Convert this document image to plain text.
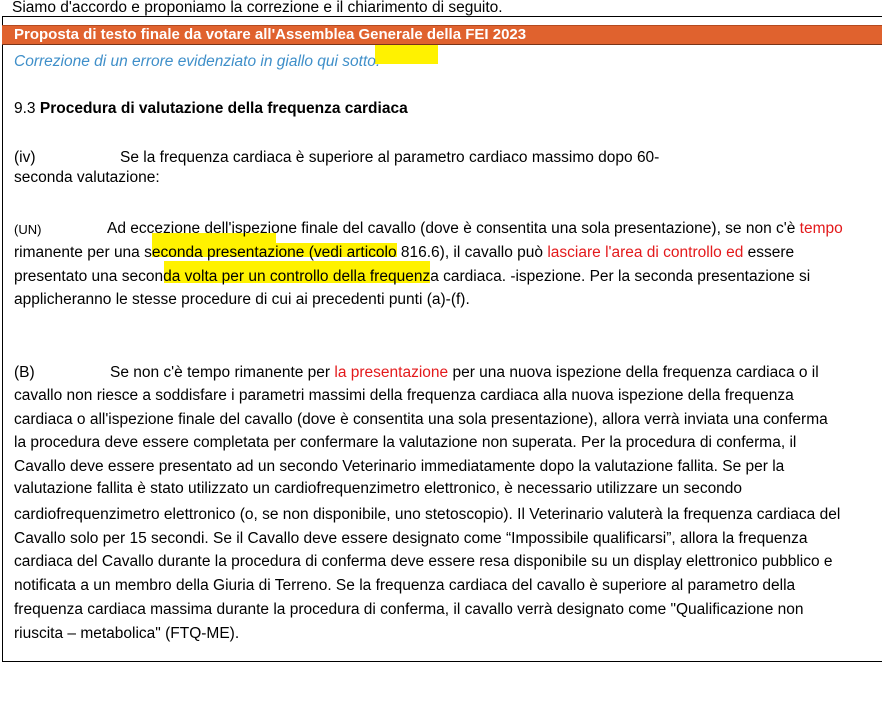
Siamo d'accordo e proponiamo la correzione e il chiarimento di seguito.
Proposta di testo finale da votare all'Assemblea Generale della FEI 2023
Correzione di un errore evidenziato in giallo qui sotto.
9.3 Procedura di valutazione della frequenza cardiaca
(iv)	Se la frequenza cardiaca è superiore al parametro cardiaco massimo dopo 60-
seconda valutazione:
(UN)	Ad eccezione dell'ispezione finale del cavallo (dove è consentita una sola presentazione), se non c'è tempo
rimanente per una seconda presentazione (vedi articolo 816.6), il cavallo può lasciare l'area di controllo ed essere
presentato una seconda volta per un controllo della frequenza cardiaca. -ispezione. Per la seconda presentazione si
applicheranno le stesse procedure di cui ai precedenti punti (a)-(f).
(B)	Se non c'è tempo rimanente per la presentazione per una nuova ispezione della frequenza cardiaca o il
cavallo non riesce a soddisfare i parametri massimi della frequenza cardiaca alla nuova ispezione della frequenza
cardiaca o all'ispezione finale del cavallo (dove è consentita una sola presentazione), allora verrà inviata una conferma
la procedura deve essere completata per confermare la valutazione non superata. Per la procedura di conferma, il
Cavallo deve essere presentato ad un secondo Veterinario immediatamente dopo la valutazione fallita. Se per la
valutazione fallita è stato utilizzato un cardiofrequenzimetro elettronico, è necessario utilizzare un secondo
cardiofrequenzimetro elettronico (o, se non disponibile, uno stetoscopio). Il Veterinario valuterà la frequenza cardiaca del
Cavallo solo per 15 secondi. Se il Cavallo deve essere designato come “Impossibile qualificarsi”, allora la frequenza
cardiaca del Cavallo durante la procedura di conferma deve essere resa disponibile su un display elettronico pubblico e
notificata a un membro della Giuria di Terreno. Se la frequenza cardiaca del cavallo è superiore al parametro della
frequenza cardiaca massima durante la procedura di conferma, il cavallo verrà designato come "Qualificazione non
riuscita – metabolica" (FTQ-ME).
